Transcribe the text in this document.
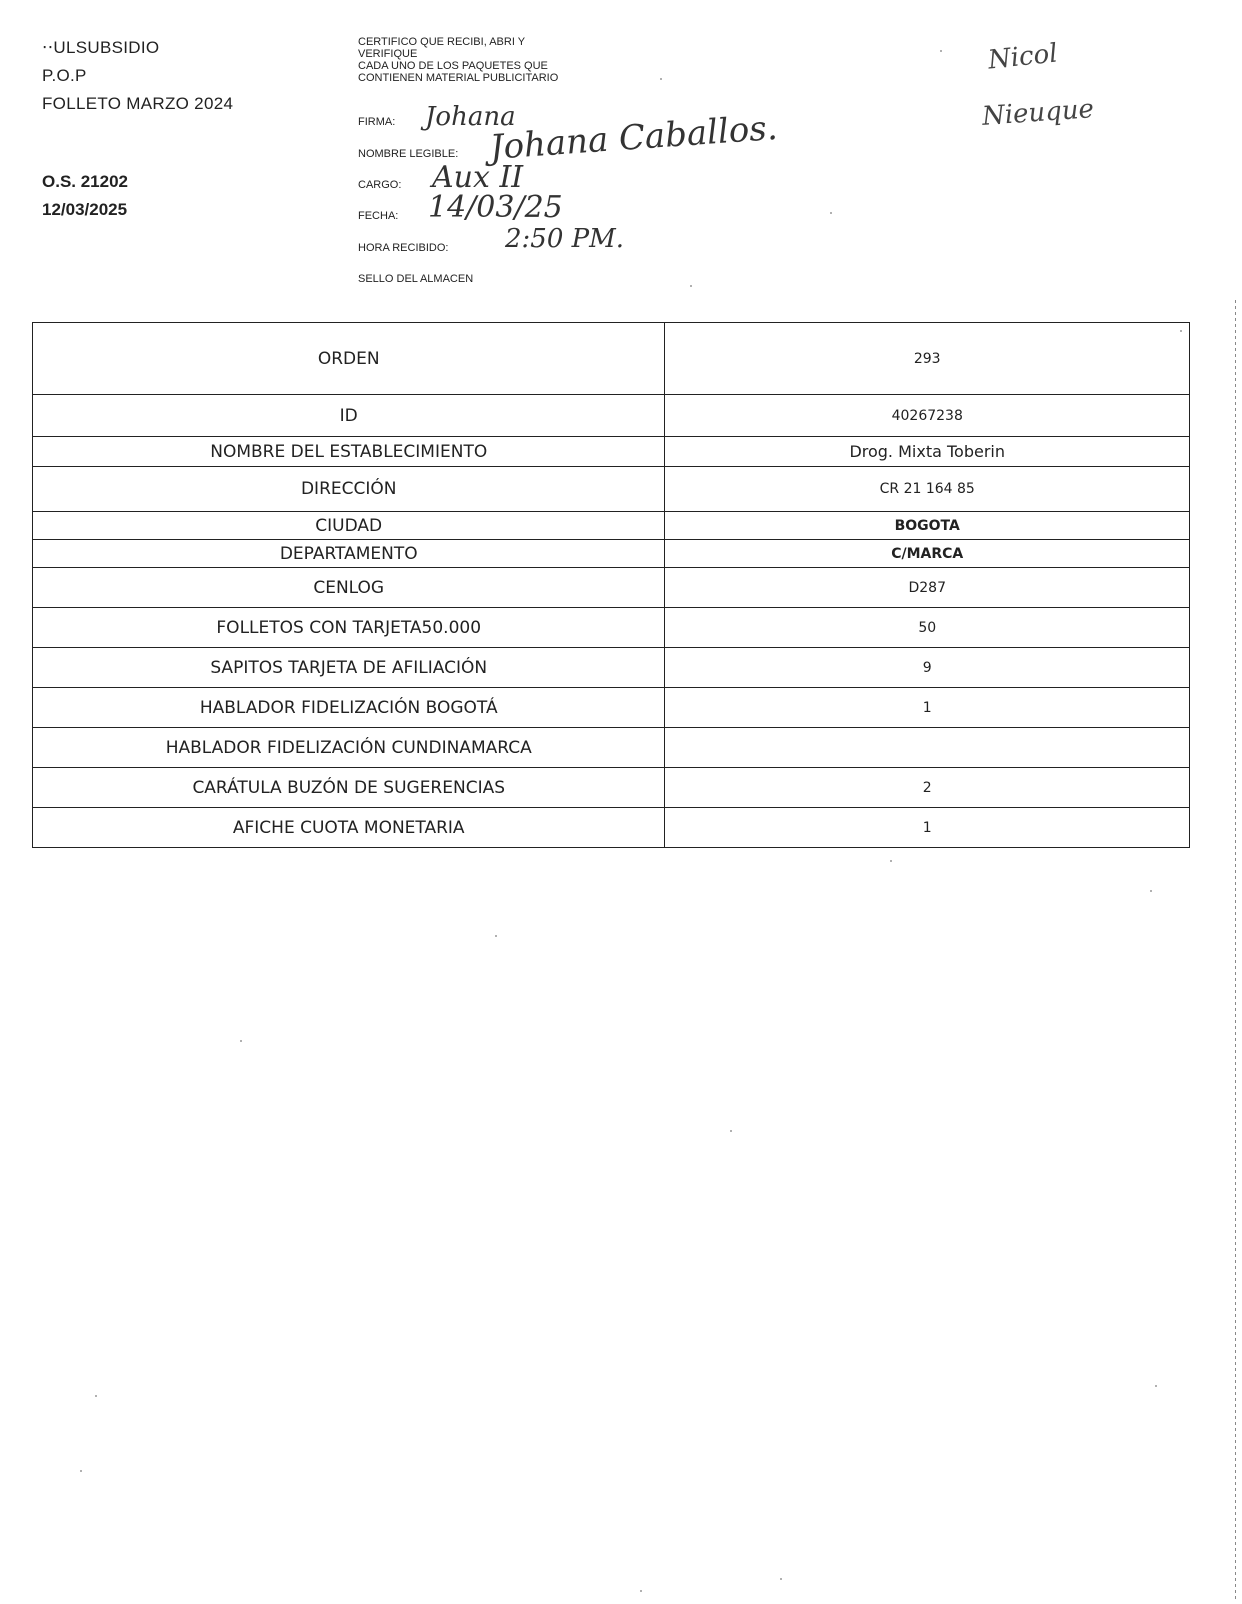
⋅⋅ULSUBSIDIO
P.O.P
FOLLETO MARZO 2024
O.S. 21202
12/03/2025
CERTIFICO QUE RECIBI, ABRI Y
VERIFIQUE
CADA UNO DE LOS PAQUETES QUE
CONTIENEN MATERIAL PUBLICITARIO
FIRMA: Johana
NOMBRE LEGIBLE: Johana Caballos.
CARGO: Aux II
FECHA: 14/03/25
HORA RECIBIDO: 2:50 PM.
SELLO DEL ALMACEN
Nicol
Nieuque
ORDEN	293
ID	40267238
NOMBRE DEL ESTABLECIMIENTO	Drog. Mixta Toberin
DIRECCIÓN	CR 21 164 85
CIUDAD	BOGOTA
DEPARTAMENTO	C/MARCA
CENLOG	D287
FOLLETOS CON TARJETA50.000	50
SAPITOS TARJETA DE AFILIACIÓN	9
HABLADOR FIDELIZACIÓN BOGOTÁ	1
HABLADOR FIDELIZACIÓN CUNDINAMARCA	
CARÁTULA BUZÓN DE SUGERENCIAS	2
AFICHE CUOTA MONETARIA	1
